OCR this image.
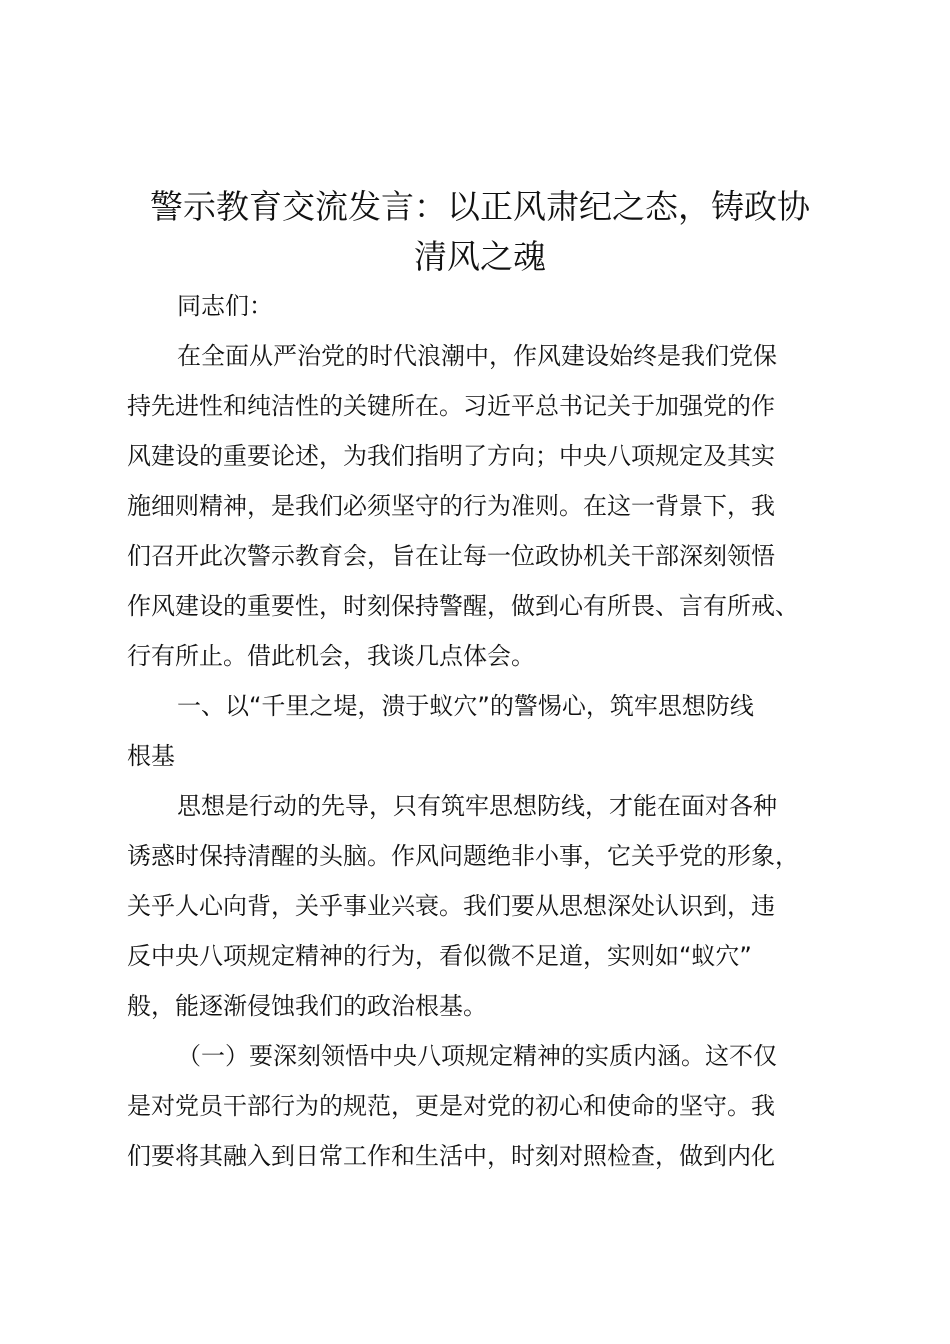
警示教育交流发言：以正风肃纪之态，铸政协
清风之魂
同志们：
在全面从严治党的时代浪潮中，作风建设始终是我们党保
持先进性和纯洁性的关键所在。习近平总书记关于加强党的作
风建设的重要论述，为我们指明了方向；中央八项规定及其实
施细则精神，是我们必须坚守的行为准则。在这一背景下，我
们召开此次警示教育会，旨在让每一位政协机关干部深刻领悟
作风建设的重要性，时刻保持警醒，做到心有所畏、言有所戒、
行有所止。借此机会，我谈几点体会。
一、以“千里之堤，溃于蚁穴”的警惕心，筑牢思想防线
根基
思想是行动的先导，只有筑牢思想防线，才能在面对各种
诱惑时保持清醒的头脑。作风问题绝非小事，它关乎党的形象，
关乎人心向背，关乎事业兴衰。我们要从思想深处认识到，违
反中央八项规定精神的行为，看似微不足道，实则如“蚁穴”
般，能逐渐侵蚀我们的政治根基。
（一）要深刻领悟中央八项规定精神的实质内涵。这不仅
是对党员干部行为的规范，更是对党的初心和使命的坚守。我
们要将其融入到日常工作和生活中，时刻对照检查，做到内化
